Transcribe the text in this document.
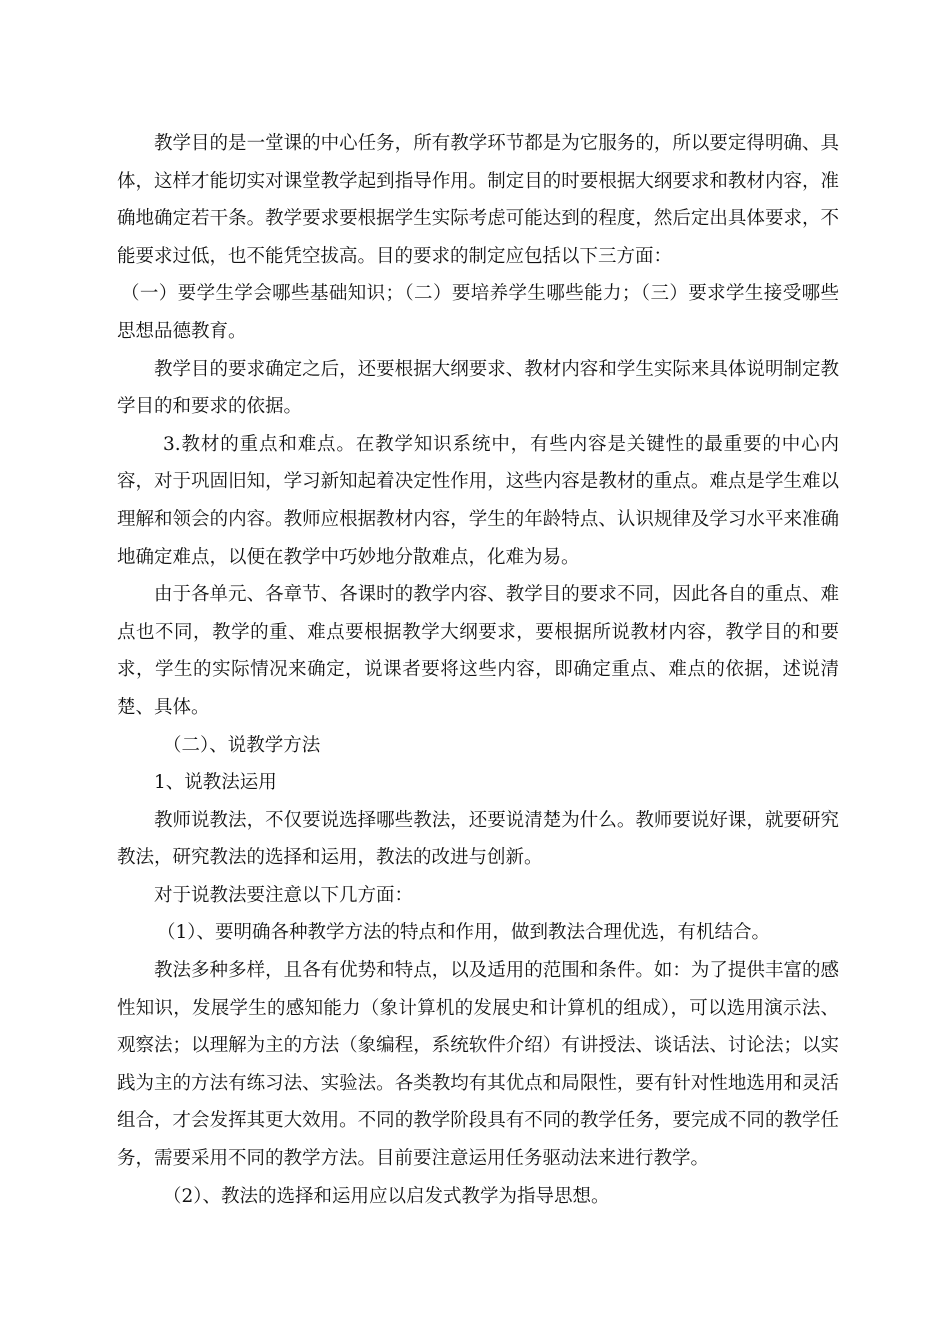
教学目的是一堂课的中心任务，所有教学环节都是为它服务的，所以要定得明确、具体，这样才能切实对课堂教学起到指导作用。制定目的时要根据大纲要求和教材内容，准确地确定若干条。教学要求要根据学生实际考虑可能达到的程度，然后定出具体要求，不能要求过低，也不能凭空拔高。目的要求的制定应包括以下三方面：

（一）要学生学会哪些基础知识；（二）要培养学生哪些能力；（三）要求学生接受哪些思想品德教育。

教学目的要求确定之后，还要根据大纲要求、教材内容和学生实际来具体说明制定教学目的和要求的依据。

3.教材的重点和难点。在教学知识系统中，有些内容是关键性的最重要的中心内容，对于巩固旧知，学习新知起着决定性作用，这些内容是教材的重点。难点是学生难以理解和领会的内容。教师应根据教材内容，学生的年龄特点、认识规律及学习水平来准确地确定难点，以便在教学中巧妙地分散难点，化难为易。

由于各单元、各章节、各课时的教学内容、教学目的要求不同，因此各自的重点、难点也不同，教学的重、难点要根据教学大纲要求，要根据所说教材内容，教学目的和要求，学生的实际情况来确定，说课者要将这些内容，即确定重点、难点的依据，述说清楚、具体。

（二）、说教学方法

1、说教法运用

教师说教法，不仅要说选择哪些教法，还要说清楚为什么。教师要说好课，就要研究教法，研究教法的选择和运用，教法的改进与创新。

对于说教法要注意以下几方面：

（1）、要明确各种教学方法的特点和作用，做到教法合理优选，有机结合。

教法多种多样，且各有优势和特点，以及适用的范围和条件。如：为了提供丰富的感性知识，发展学生的感知能力（象计算机的发展史和计算机的组成），可以选用演示法、观察法；以理解为主的方法（象编程，系统软件介绍）有讲授法、谈话法、讨论法；以实践为主的方法有练习法、实验法。各类教均有其优点和局限性，要有针对性地选用和灵活组合，才会发挥其更大效用。不同的教学阶段具有不同的教学任务，要完成不同的教学任务，需要采用不同的教学方法。目前要注意运用任务驱动法来进行教学。

（2）、教法的选择和运用应以启发式教学为指导思想。
